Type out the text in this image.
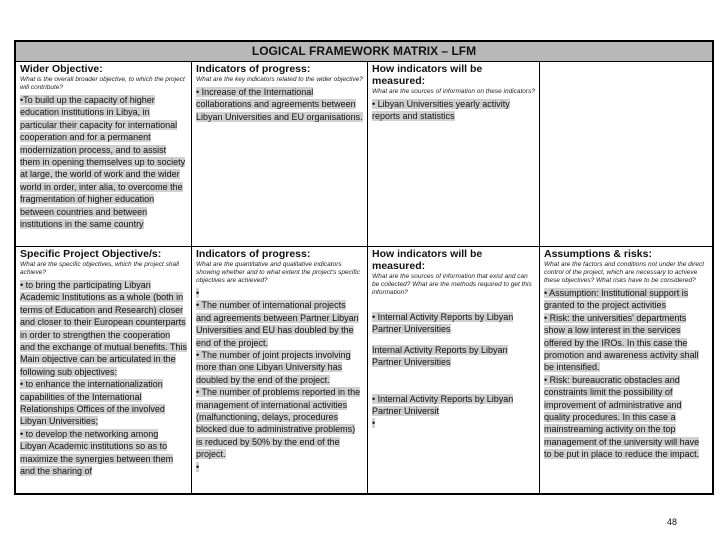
LOGICAL FRAMEWORK MATRIX – LFM
Wider Objective:
What is the overall broader objective, to which the project will contribute?
•To build up the capacity of higher education institutions in Libya, in particular their capacity for international cooperation and for a permanent modernization process, and to assist them in opening themselves up to society at large, the world of work and the wider world in order, inter alia, to overcome the fragmentation of higher education between countries and between institutions in the same country
Indicators of progress:
What are the key indicators related to the wider objective?
• Increase of the International collaborations and agreements between Libyan Universities and EU organisations.
How indicators will be measured:
What are the sources of information on these indicators?
• Libyan Universities yearly activity reports and statistics
Specific Project Objective/s:
What are the specific objectives, which the project shall achieve?
• to bring the participating Libyan Academic Institutions as a whole (both in terms of Education and Research) closer and closer to their European counterparts in order to strengthen the cooperation and the exchange of mutual benefits. This Main objective can be articulated in the following sub objectives:
• to enhance the internationalization capabilities of the International Relationships Offices of the involved Libyan Universities;
• to develop the networking among Libyan Academic institutions so as to maximize the synergies between them and the sharing of
Indicators of progress:
What are the quantitative and qualitative indicators showing whether and to what extent the project's specific objectives are achieved?
•
• The number of international projects and agreements between Partner Libyan Universities and EU has doubled by the end of the project.
• The number of joint projects involving more than one Libyan University has doubled by the end of the project.
• The number of problems reported in the management of international activities (malfunctioning, delays, procedures blocked due to administrative problems) is reduced by 50% by the end of the project.
•
How indicators will be measured:
What are the sources of information that exist and can be collected? What are the methods required to get this information?
• Internal Activity Reports by Libyan Partner Universities
Internal Activity Reports by Libyan Partner Universities
• Internal Activity Reports by Libyan Partner Universit
•
Assumptions & risks:
What are the factors and conditions not under the direct control of the project, which are necessary to achieve these objectives? What risks have to be considered?
• Assumption: Institutional support is granted to the project activities
• Risk: the universities' departments show a low interest in the services offered by the IROs. In this case the promotion and awareness activity shall be intensified.
• Risk: bureaucratic obstacles and constraints limit the possibility of improvement of administrative and quality procedures. In this case a mainstreaming activity on the top management of the university will have to be put in place to reduce the impact.
48
